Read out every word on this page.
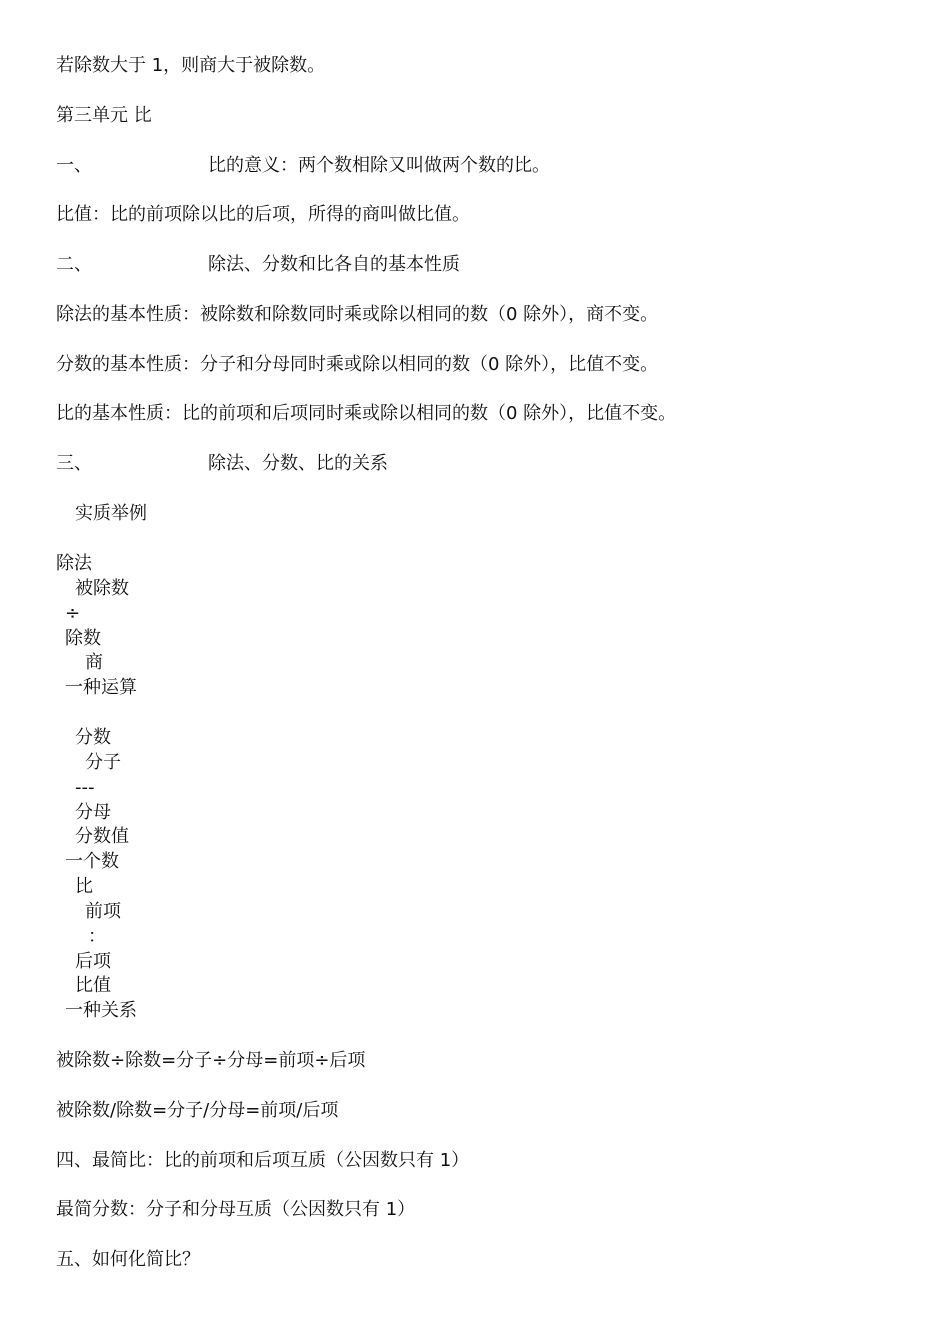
若除数大于 1，则商大于被除数。
第三单元 比
一、	比的意义：两个数相除又叫做两个数的比。
比值：比的前项除以比的后项，所得的商叫做比值。
二、	除法、分数和比各自的基本性质
除法的基本性质：被除数和除数同时乘或除以相同的数（0 除外），商不变。
分数的基本性质：分子和分母同时乘或除以相同的数（0 除外），比值不变。
比的基本性质：比的前项和后项同时乘或除以相同的数（0 除外），比值不变。
三、	除法、分数、比的关系
实质举例
除法
被除数
÷
除数
商
一种运算
分数
分子
---
分母
分数值
一个数
比
前项
：
后项
比值
一种关系
被除数÷除数=分子÷分母=前项÷后项
被除数/除数=分子/分母=前项/后项
四、最简比：比的前项和后项互质（公因数只有 1）
最简分数：分子和分母互质（公因数只有 1）
五、如何化简比？
